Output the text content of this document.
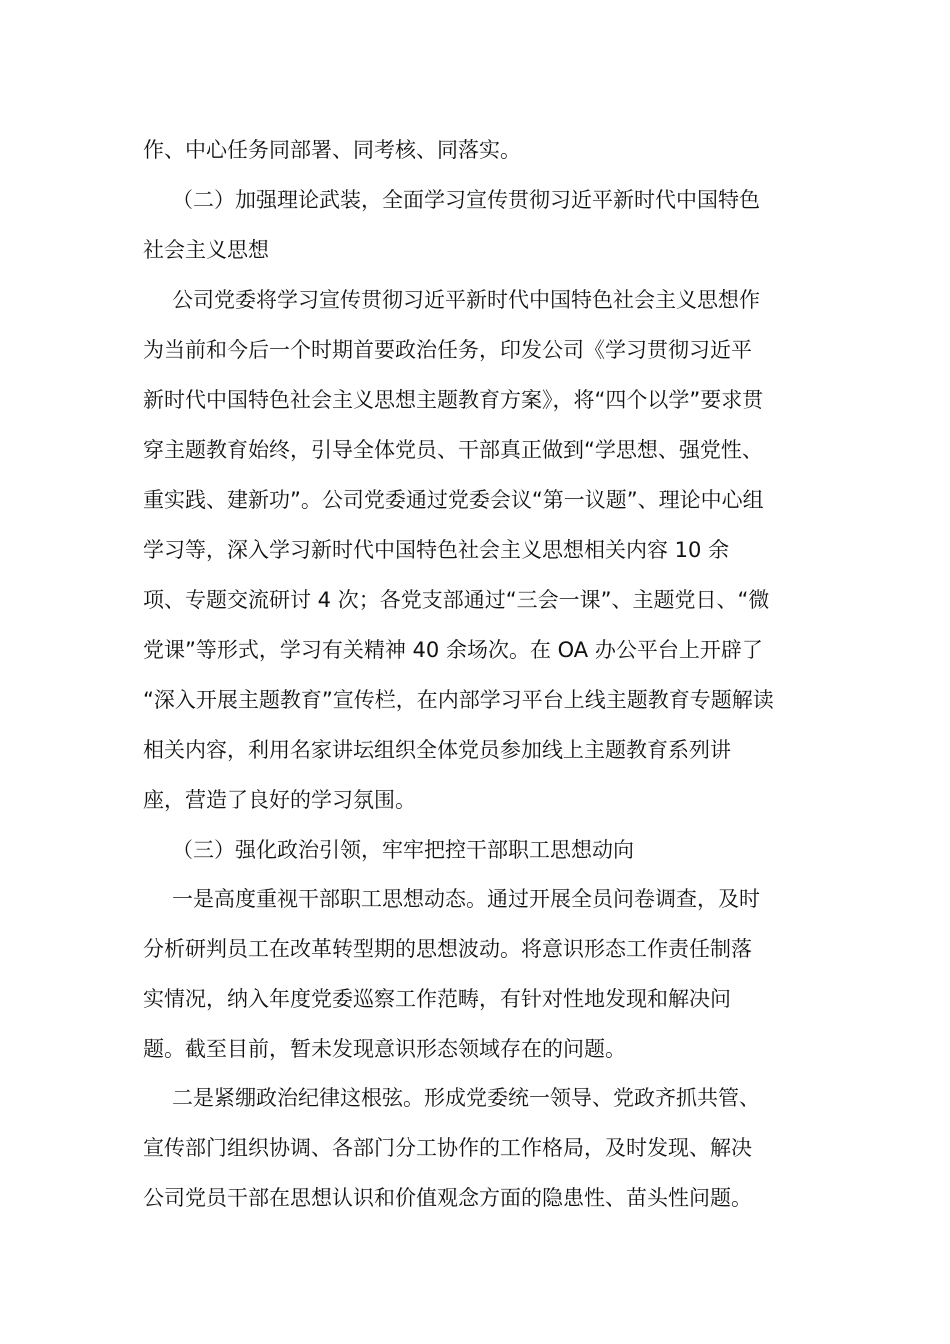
作、中心任务同部署、同考核、同落实。
（二）加强理论武装，全面学习宣传贯彻习近平新时代中国特色
社会主义思想
公司党委将学习宣传贯彻习近平新时代中国特色社会主义思想作
为当前和今后一个时期首要政治任务，印发公司《学习贯彻习近平
新时代中国特色社会主义思想主题教育方案》，将“四个以学”要求贯
穿主题教育始终，引导全体党员、干部真正做到“学思想、强党性、
重实践、建新功”。公司党委通过党委会议“第一议题”、理论中心组
学习等，深入学习新时代中国特色社会主义思想相关内容 10 余
项、专题交流研讨 4 次；各党支部通过“三会一课”、主题党日、“微
党课”等形式，学习有关精神 40 余场次。在 OA 办公平台上开辟了
“深入开展主题教育”宣传栏，在内部学习平台上线主题教育专题解读
相关内容，利用名家讲坛组织全体党员参加线上主题教育系列讲
座，营造了良好的学习氛围。
（三）强化政治引领，牢牢把控干部职工思想动向
一是高度重视干部职工思想动态。通过开展全员问卷调查，及时
分析研判员工在改革转型期的思想波动。将意识形态工作责任制落
实情况，纳入年度党委巡察工作范畴，有针对性地发现和解决问
题。截至目前，暂未发现意识形态领域存在的问题。
二是紧绷政治纪律这根弦。形成党委统一领导、党政齐抓共管、
宣传部门组织协调、各部门分工协作的工作格局，及时发现、解决
公司党员干部在思想认识和价值观念方面的隐患性、苗头性问题。
